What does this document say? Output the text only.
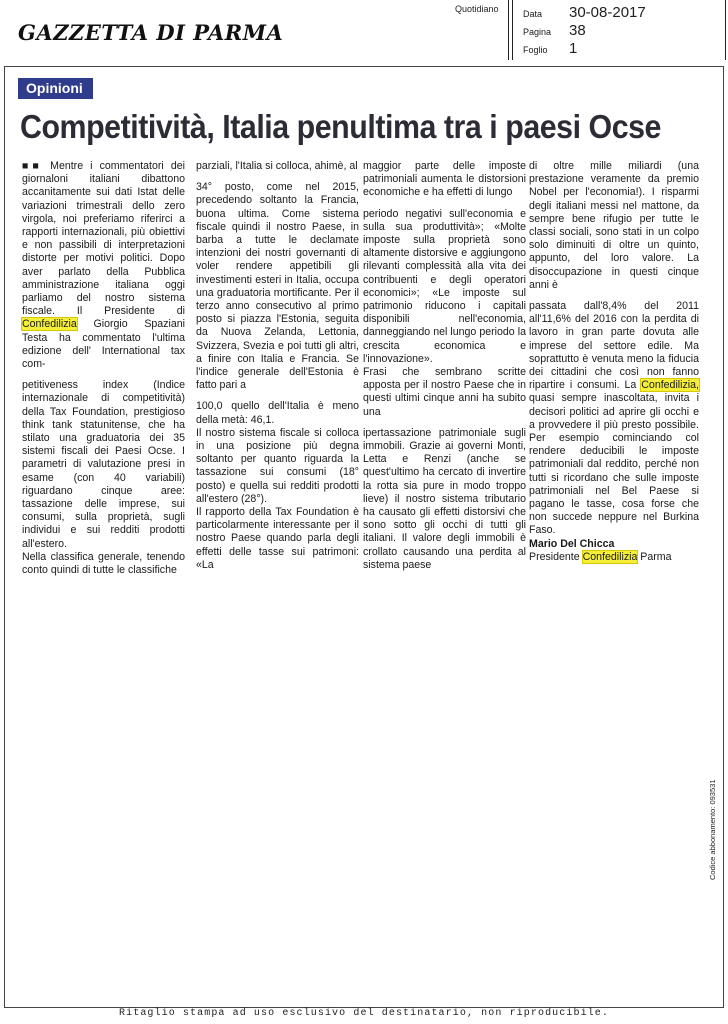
GAZZETTA DI PARMA
Quotidiano	Data 30-08-2017
Pagina 38
Foglio 1
Opinioni
Competitività, Italia penultima tra i paesi Ocse

■■ Mentre i commentatori dei giornaloni italiani dibattono accanitamente sui dati Istat delle variazioni trimestrali dello zero virgola, noi preferiamo riferirci a rapporti internazionali, più obiettivi e non passibili di interpretazioni distorte per motivi politici. Dopo aver parlato della Pubblica amministrazione italiana oggi parliamo del nostro sistema fiscale. Il Presidente di Confedilizia Giorgio Spaziani Testa ha commentato l'ultima edizione dell' International tax com-

petitiveness index (Indice internazionale di competitività) della Tax Foundation, prestigioso think tank statunitense, che ha stilato una graduatoria dei 35 sistemi fiscali dei Paesi Ocse. I parametri di valutazione presi in esame (con 40 variabili) riguardano cinque aree: tassazione delle imprese, sui consumi, sulla proprietà, sugli individui e sui redditi prodotti all'estero.

Nella classifica generale, tenendo conto quindi di tutte le classifiche

parziali, l'Italia si colloca, ahimè, al

34° posto, come nel 2015, precedendo soltanto la Francia, buona ultima. Come sistema fiscale quindi il nostro Paese, in barba a tutte le declamate intenzioni dei nostri governanti di voler rendere appetibili gli investimenti esteri in Italia, occupa una graduatoria mortificante. Per il terzo anno consecutivo al primo posto si piazza l'Estonia, seguita da Nuova Zelanda, Lettonia, Svizzera, Svezia e poi tutti gli altri, a finire con Italia e Francia. Se l'indice generale dell'Estonia è fatto pari a

100,0 quello dell'Italia è meno della metà: 46,1.

Il nostro sistema fiscale si colloca in una posizione più degna soltanto per quanto riguarda la tassazione sui consumi (18° posto) e quella sui redditi prodotti all'estero (28°).

Il rapporto della Tax Foundation è particolarmente interessante per il nostro Paese quando parla degli effetti delle tasse sui patrimoni: «La

maggior parte delle imposte patrimoniali aumenta le distorsioni economiche e ha effetti di lungo

periodo negativi sull'economia e sulla sua produttività»; «Molte imposte sulla proprietà sono altamente distorsive e aggiungono rilevanti complessità alla vita dei contribuenti e degli operatori economici»; «Le imposte sul patrimonio riducono i capitali disponibili nell'economia, danneggiando nel lungo periodo la crescita economica e l'innovazione».

Frasi che sembrano scritte apposta per il nostro Paese che in questi ultimi cinque anni ha subito una

ipertassazione patrimoniale sugli immobili. Grazie ai governi Monti, Letta e Renzi (anche se quest'ultimo ha cercato di invertire la rotta sia pure in modo troppo lieve) il nostro sistema tributario ha causato gli effetti distorsivi che sono sotto gli occhi di tutti gli italiani. Il valore degli immobili è crollato causando una perdita al sistema paese

di oltre mille miliardi (una prestazione veramente da premio Nobel per l'economia!). I risparmi degli italiani messi nel mattone, da sempre bene rifugio per tutte le classi sociali, sono stati in un colpo solo diminuiti di oltre un quinto, appunto, del loro valore. La disoccupazione in questi cinque anni è

passata dall'8,4% del 2011 all'11,6% del 2016 con la perdita di lavoro in gran parte dovuta alle imprese del settore edile. Ma soprattutto è venuta meno la fiducia dei cittadini che così non fanno ripartire i consumi. La Confedilizia, quasi sempre inascoltata, invita i decisori politici ad aprire gli occhi e a provvedere il più presto possibile. Per esempio cominciando col rendere deducibili le imposte patrimoniali dal reddito, perché non tutti si ricordano che sulle imposte patrimoniali nel Bel Paese si pagano le tasse, cosa forse che non succede neppure nel Burkina Faso.

Mario Del Chicca

Presidente Confedilizia Parma

Codice abbonamento: 093531
Ritaglio stampa ad uso esclusivo del destinatario, non riproducibile.
